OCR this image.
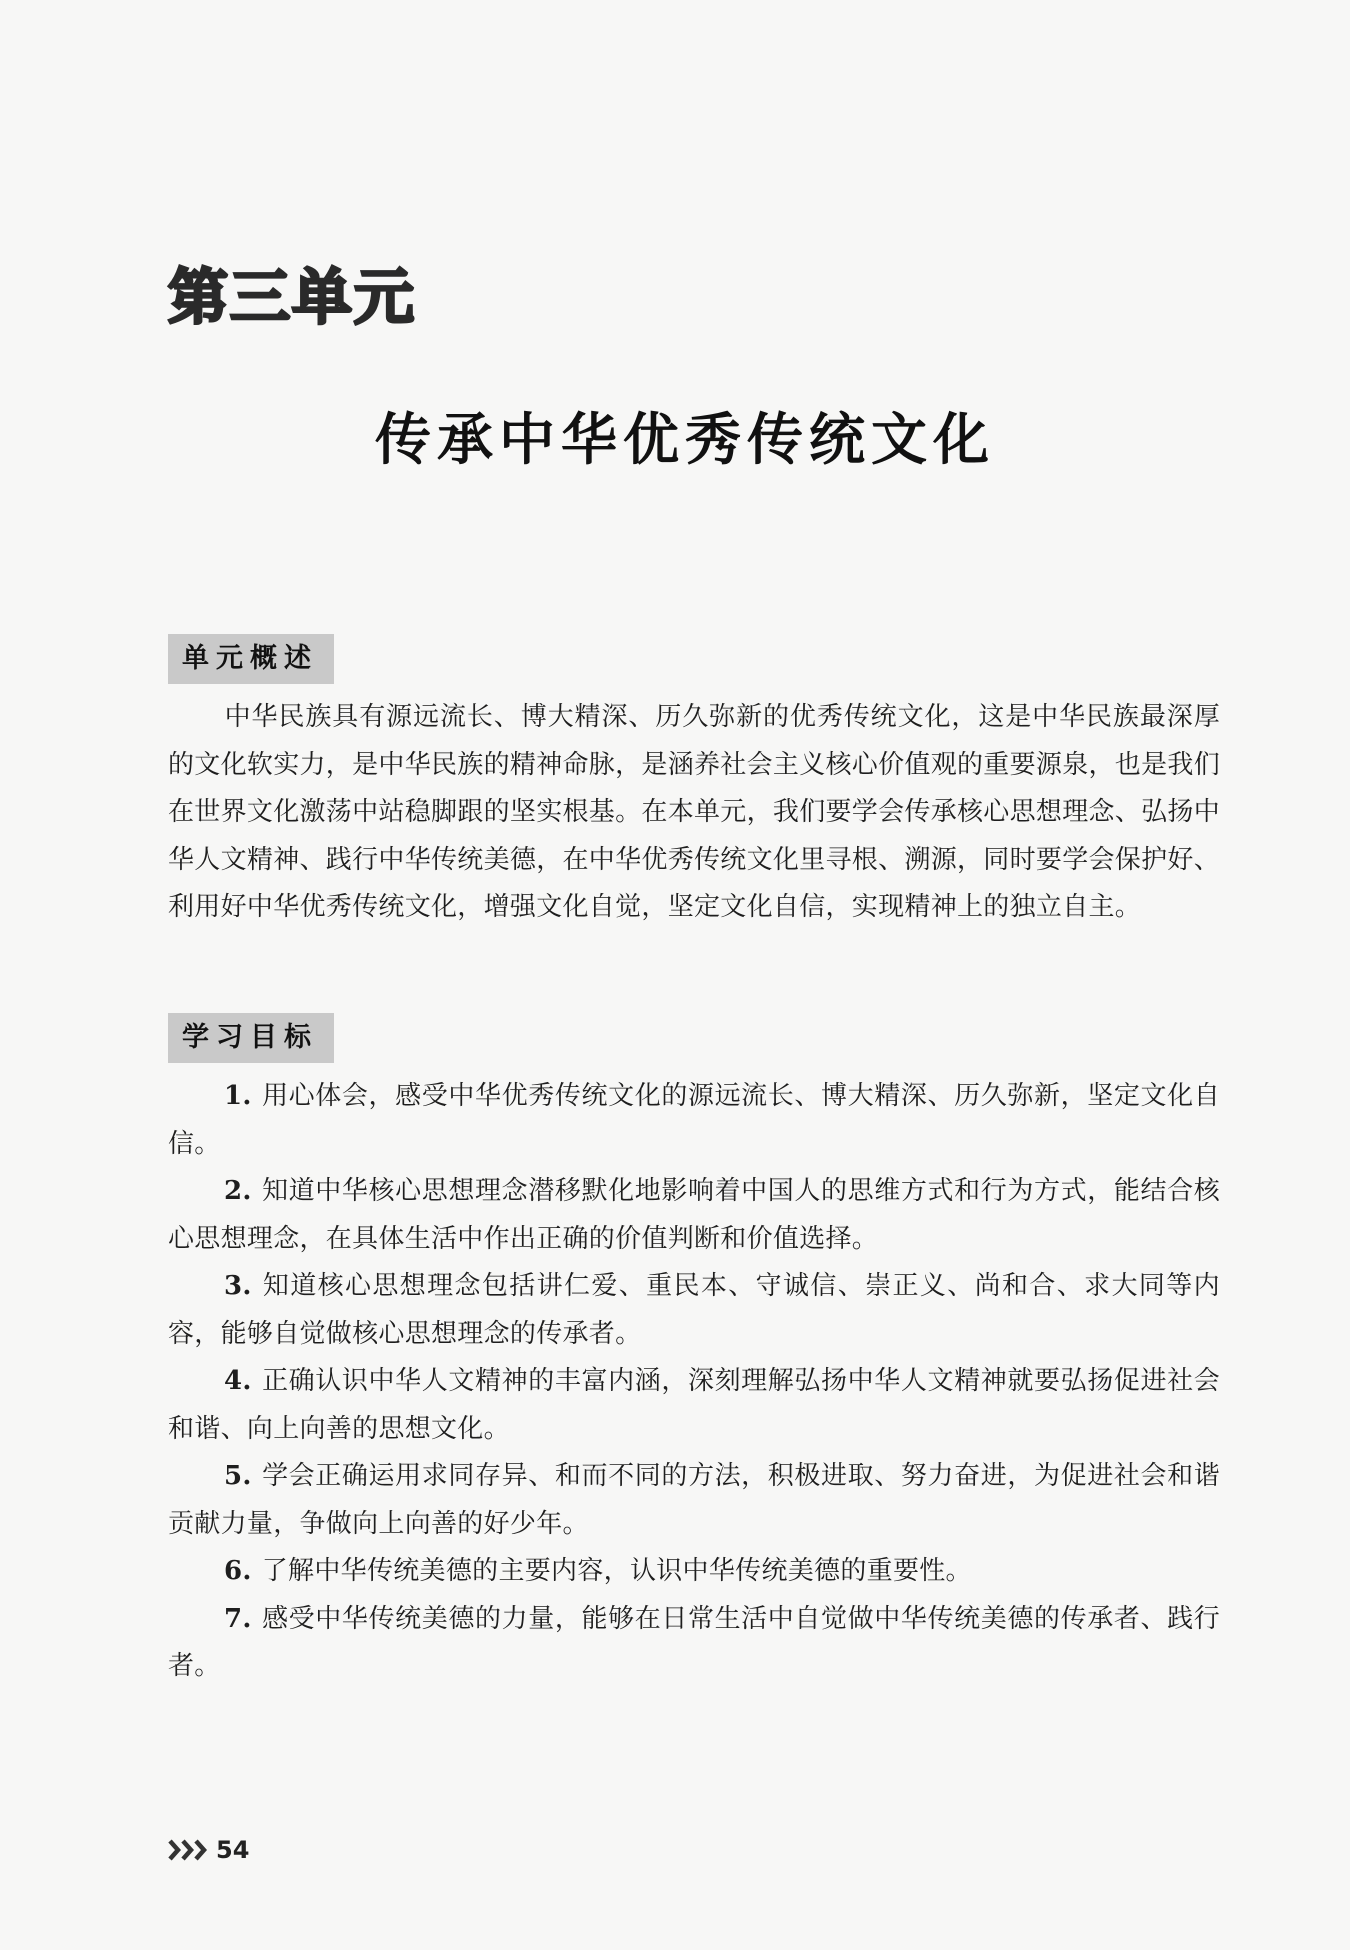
第三单元
传承中华优秀传统文化
单元概述
中华民族具有源远流长、博大精深、历久弥新的优秀传统文化，这是中华民族最深厚的文化软实力，是中华民族的精神命脉，是涵养社会主义核心价值观的重要源泉，也是我们在世界文化激荡中站稳脚跟的坚实根基。在本单元，我们要学会传承核心思想理念、弘扬中华人文精神、践行中华传统美德，在中华优秀传统文化里寻根、溯源，同时要学会保护好、利用好中华优秀传统文化，增强文化自觉，坚定文化自信，实现精神上的独立自主。
学习目标
1. 用心体会，感受中华优秀传统文化的源远流长、博大精深、历久弥新，坚定文化自信。
2. 知道中华核心思想理念潜移默化地影响着中国人的思维方式和行为方式，能结合核心思想理念，在具体生活中作出正确的价值判断和价值选择。
3. 知道核心思想理念包括讲仁爱、重民本、守诚信、崇正义、尚和合、求大同等内容，能够自觉做核心思想理念的传承者。
4. 正确认识中华人文精神的丰富内涵，深刻理解弘扬中华人文精神就要弘扬促进社会和谐、向上向善的思想文化。
5. 学会正确运用求同存异、和而不同的方法，积极进取、努力奋进，为促进社会和谐贡献力量，争做向上向善的好少年。
6. 了解中华传统美德的主要内容，认识中华传统美德的重要性。
7. 感受中华传统美德的力量，能够在日常生活中自觉做中华传统美德的传承者、践行者。
54
